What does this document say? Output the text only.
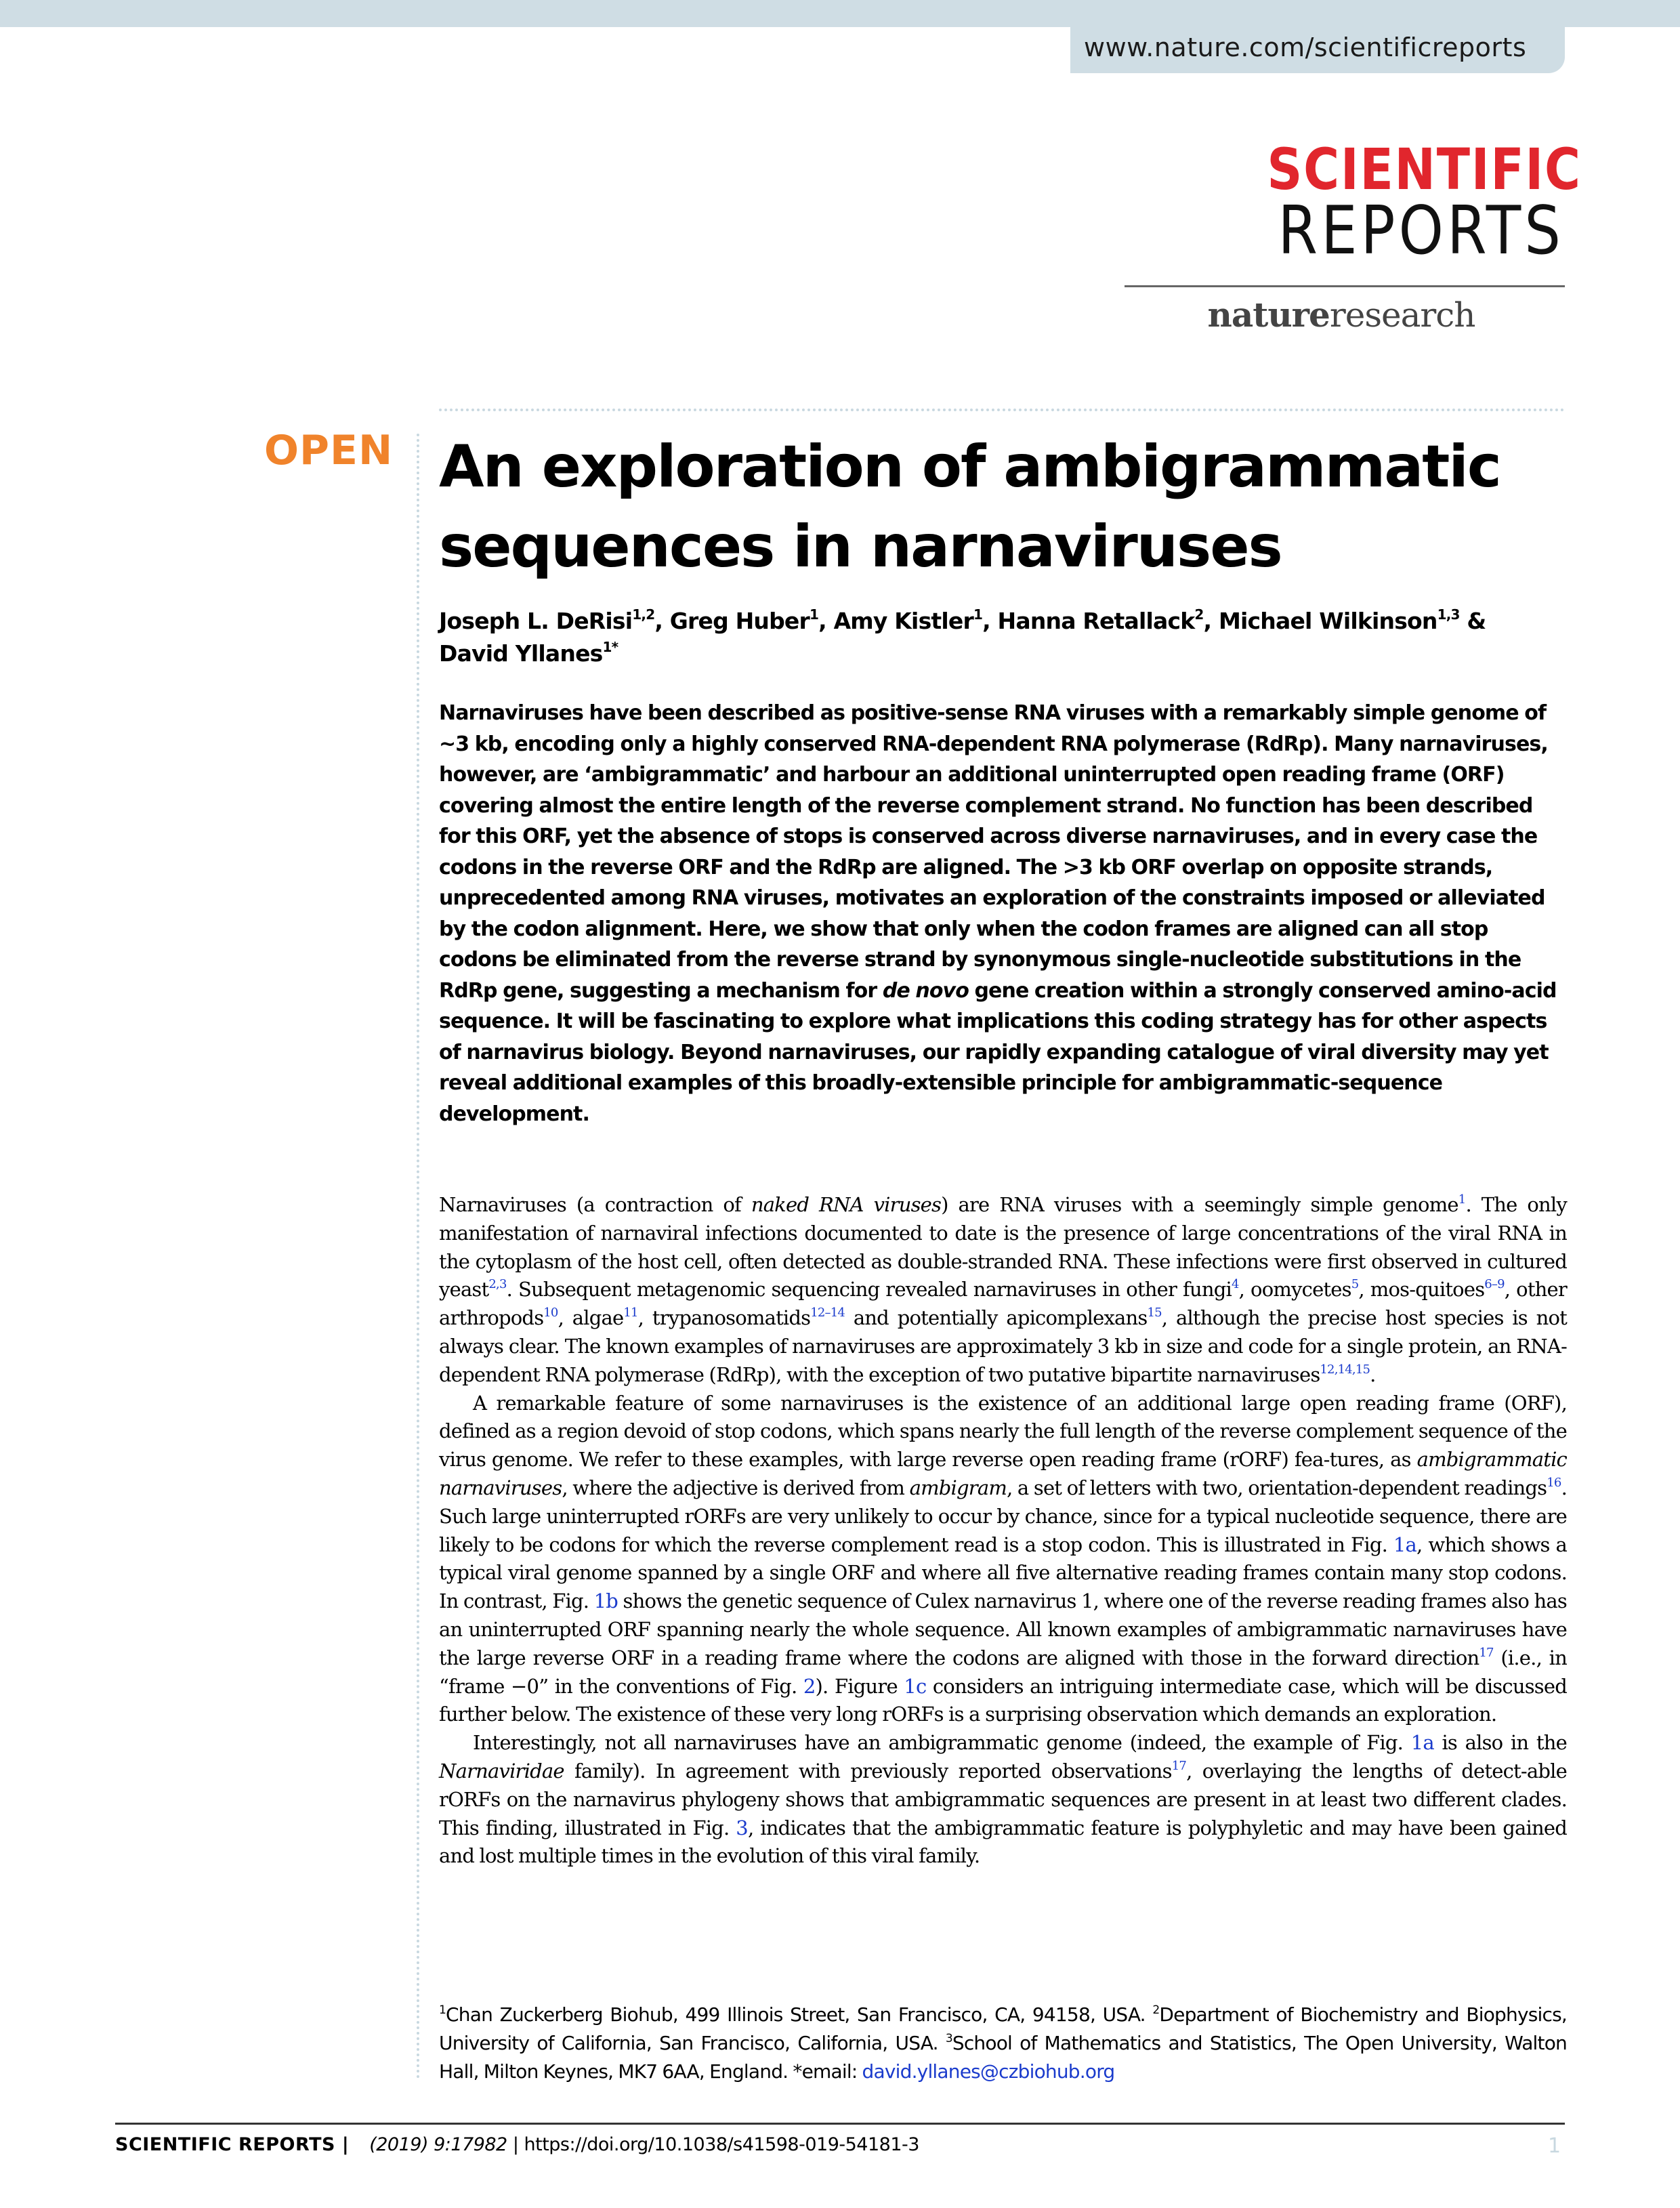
www.nature.com/scientificreports
SCIENTIFIC
REPORTS
natureresearch
OPEN An exploration of ambigrammatic sequences in narnaviruses
Joseph L. DeRisi$^{1,2}$, Greg Huber$^1$, Amy Kistler$^1$, Hanna Retallack$^2$, Michael Wilkinson$^{1,3}$ &
David Yllanes$^{1*}$

Narnaviruses have been described as positive-sense RNA viruses with a remarkably simple genome of ~3 kb, encoding only a highly conserved RNA-dependent RNA polymerase (RdRp). Many narnaviruses, however, are ‘ambigrammatic’ and harbour an additional uninterrupted open reading frame (ORF) covering almost the entire length of the reverse complement strand. No function has been described for this ORF, yet the absence of stops is conserved across diverse narnaviruses, and in every case the codons in the reverse ORF and the RdRp are aligned. The >3 kb ORF overlap on opposite strands, unprecedented among RNA viruses, motivates an exploration of the constraints imposed or alleviated by the codon alignment. Here, we show that only when the codon frames are aligned can all stop codons be eliminated from the reverse strand by synonymous single-nucleotide substitutions in the RdRp gene, suggesting a mechanism for de novo gene creation within a strongly conserved amino-acid sequence. It will be fascinating to explore what implications this coding strategy has for other aspects of narnavirus biology. Beyond narnaviruses, our rapidly expanding catalogue of viral diversity may yet reveal additional examples of this broadly-extensible principle for ambigrammatic-sequence development.

Narnaviruses (a contraction of naked RNA viruses) are RNA viruses with a seemingly simple genome$^1$. The only manifestation of narnaviral infections documented to date is the presence of large concentrations of the viral RNA in the cytoplasm of the host cell, often detected as double-stranded RNA. These infections were first observed in cultured yeast$^{2,3}$. Subsequent metagenomic sequencing revealed narnaviruses in other fungi$^4$, oomycetes$^5$, mos-quitoes$^{6-9}$, other arthropods$^{10}$, algae$^{11}$, trypanosomatids$^{12-14}$ and potentially apicomplexans$^{15}$, although the precise host species is not always clear. The known examples of narnaviruses are approximately 3 kb in size and code for a single protein, an RNA-dependent RNA polymerase (RdRp), with the exception of two putative bipartite narnaviruses$^{12,14,15}$.

A remarkable feature of some narnaviruses is the existence of an additional large open reading frame (ORF), defined as a region devoid of stop codons, which spans nearly the full length of the reverse complement sequence of the virus genome. We refer to these examples, with large reverse open reading frame (rORF) fea-tures, as ambigrammatic narnaviruses, where the adjective is derived from ambigram, a set of letters with two, orientation-dependent readings$^{16}$. Such large uninterrupted rORFs are very unlikely to occur by chance, since for a typical nucleotide sequence, there are likely to be codons for which the reverse complement read is a stop codon. This is illustrated in Fig. 1a, which shows a typical viral genome spanned by a single ORF and where all five alternative reading frames contain many stop codons. In contrast, Fig. 1b shows the genetic sequence of Culex narnavirus 1, where one of the reverse reading frames also has an uninterrupted ORF spanning nearly the whole sequence. All known examples of ambigrammatic narnaviruses have the large reverse ORF in a reading frame where the codons are aligned with those in the forward direction$^{17}$ (i.e., in “frame −0” in the conventions of Fig. 2). Figure 1c considers an intriguing intermediate case, which will be discussed further below. The existence of these very long rORFs is a surprising observation which demands an exploration.

Interestingly, not all narnaviruses have an ambigrammatic genome (indeed, the example of Fig. 1a is also in the Narnaviridae family). In agreement with previously reported observations$^{17}$, overlaying the lengths of detect-able rORFs on the narnavirus phylogeny shows that ambigrammatic sequences are present in at least two different clades. This finding, illustrated in Fig. 3, indicates that the ambigrammatic feature is polyphyletic and may have been gained and lost multiple times in the evolution of this viral family.

$^1$Chan Zuckerberg Biohub, 499 Illinois Street, San Francisco, CA, 94158, USA. $^2$Department of Biochemistry and Biophysics, University of California, San Francisco, California, USA. $^3$School of Mathematics and Statistics, The Open University, Walton Hall, Milton Keynes, MK7 6AA, England. *email: david.yllanes@czbiohub.org
SCIENTIFIC REPORTS | (2019) 9:17982 | https://doi.org/10.1038/s41598-019-54181-3	1
